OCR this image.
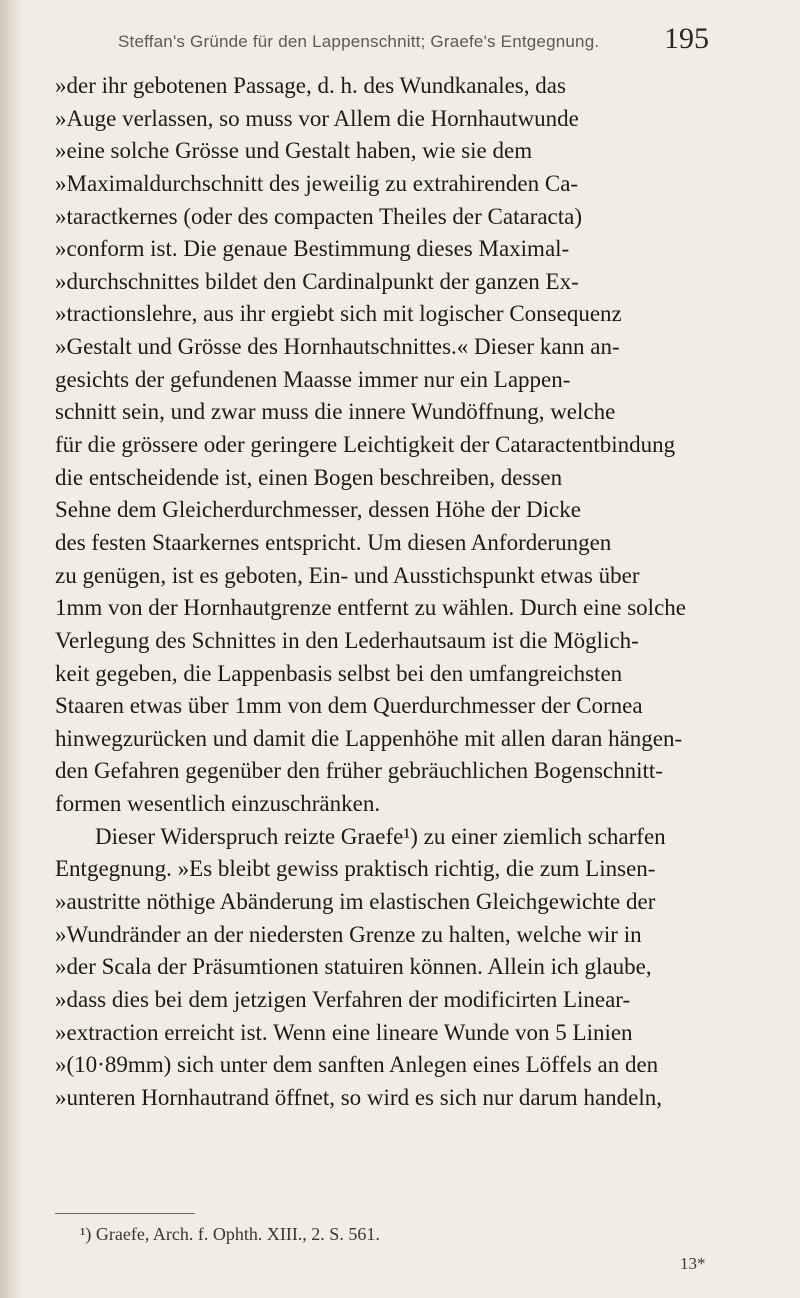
Steffan's Gründe für den Lappenschnitt; Graefe's Entgegnung. 195
»der ihr gebotenen Passage, d. h. des Wundkanales, das
»Auge verlassen, so muss vor Allem die Hornhautwunde
»eine solche Grösse und Gestalt haben, wie sie dem
»Maximaldurchschnitt des jeweilig zu extrahirenden Ca-
»taractkernes (oder des compacten Theiles der Cataracta)
»conform ist. Die genaue Bestimmung dieses Maximal-
»durchschnittes bildet den Cardinalpunkt der ganzen Ex-
»tractionslehre, aus ihr ergiebt sich mit logischer Consequenz
»Gestalt und Grösse des Hornhautschnittes.« Dieser kann an-
gesichts der gefundenen Maasse immer nur ein Lappen-
schnitt sein, und zwar muss die innere Wundöffnung, welche
für die grössere oder geringere Leichtigkeit der Cataractentbindung
die entscheidende ist, einen Bogen beschreiben, dessen
Sehne dem Gleicherdurchmesser, dessen Höhe der Dicke
des festen Staarkernes entspricht. Um diesen Anforderungen
zu genügen, ist es geboten, Ein- und Ausstichspunkt etwas über
1mm von der Hornhautgrenze entfernt zu wählen. Durch eine solche
Verlegung des Schnittes in den Lederhautsaum ist die Möglich-
keit gegeben, die Lappenbasis selbst bei den umfangreichsten
Staaren etwas über 1mm von dem Querdurchmesser der Cornea
hinwegzurücken und damit die Lappenhöhe mit allen daran hängen-
den Gefahren gegenüber den früher gebräuchlichen Bogenschnitt-
formen wesentlich einzuschränken.
Dieser Widerspruch reizte Graefe¹) zu einer ziemlich scharfen
Entgegnung. »Es bleibt gewiss praktisch richtig, die zum Linsen-
»austritte nöthige Abänderung im elastischen Gleichgewichte der
»Wundränder an der niedersten Grenze zu halten, welche wir in
»der Scala der Präsumtionen statuiren können. Allein ich glaube,
»dass dies bei dem jetzigen Verfahren der modificirten Linear-
»extraction erreicht ist. Wenn eine lineare Wunde von 5 Linien
»(10·89mm) sich unter dem sanften Anlegen eines Löffels an den
»unteren Hornhautrand öffnet, so wird es sich nur darum handeln,
¹) Graefe, Arch. f. Ophth. XIII., 2. S. 561.
13*
